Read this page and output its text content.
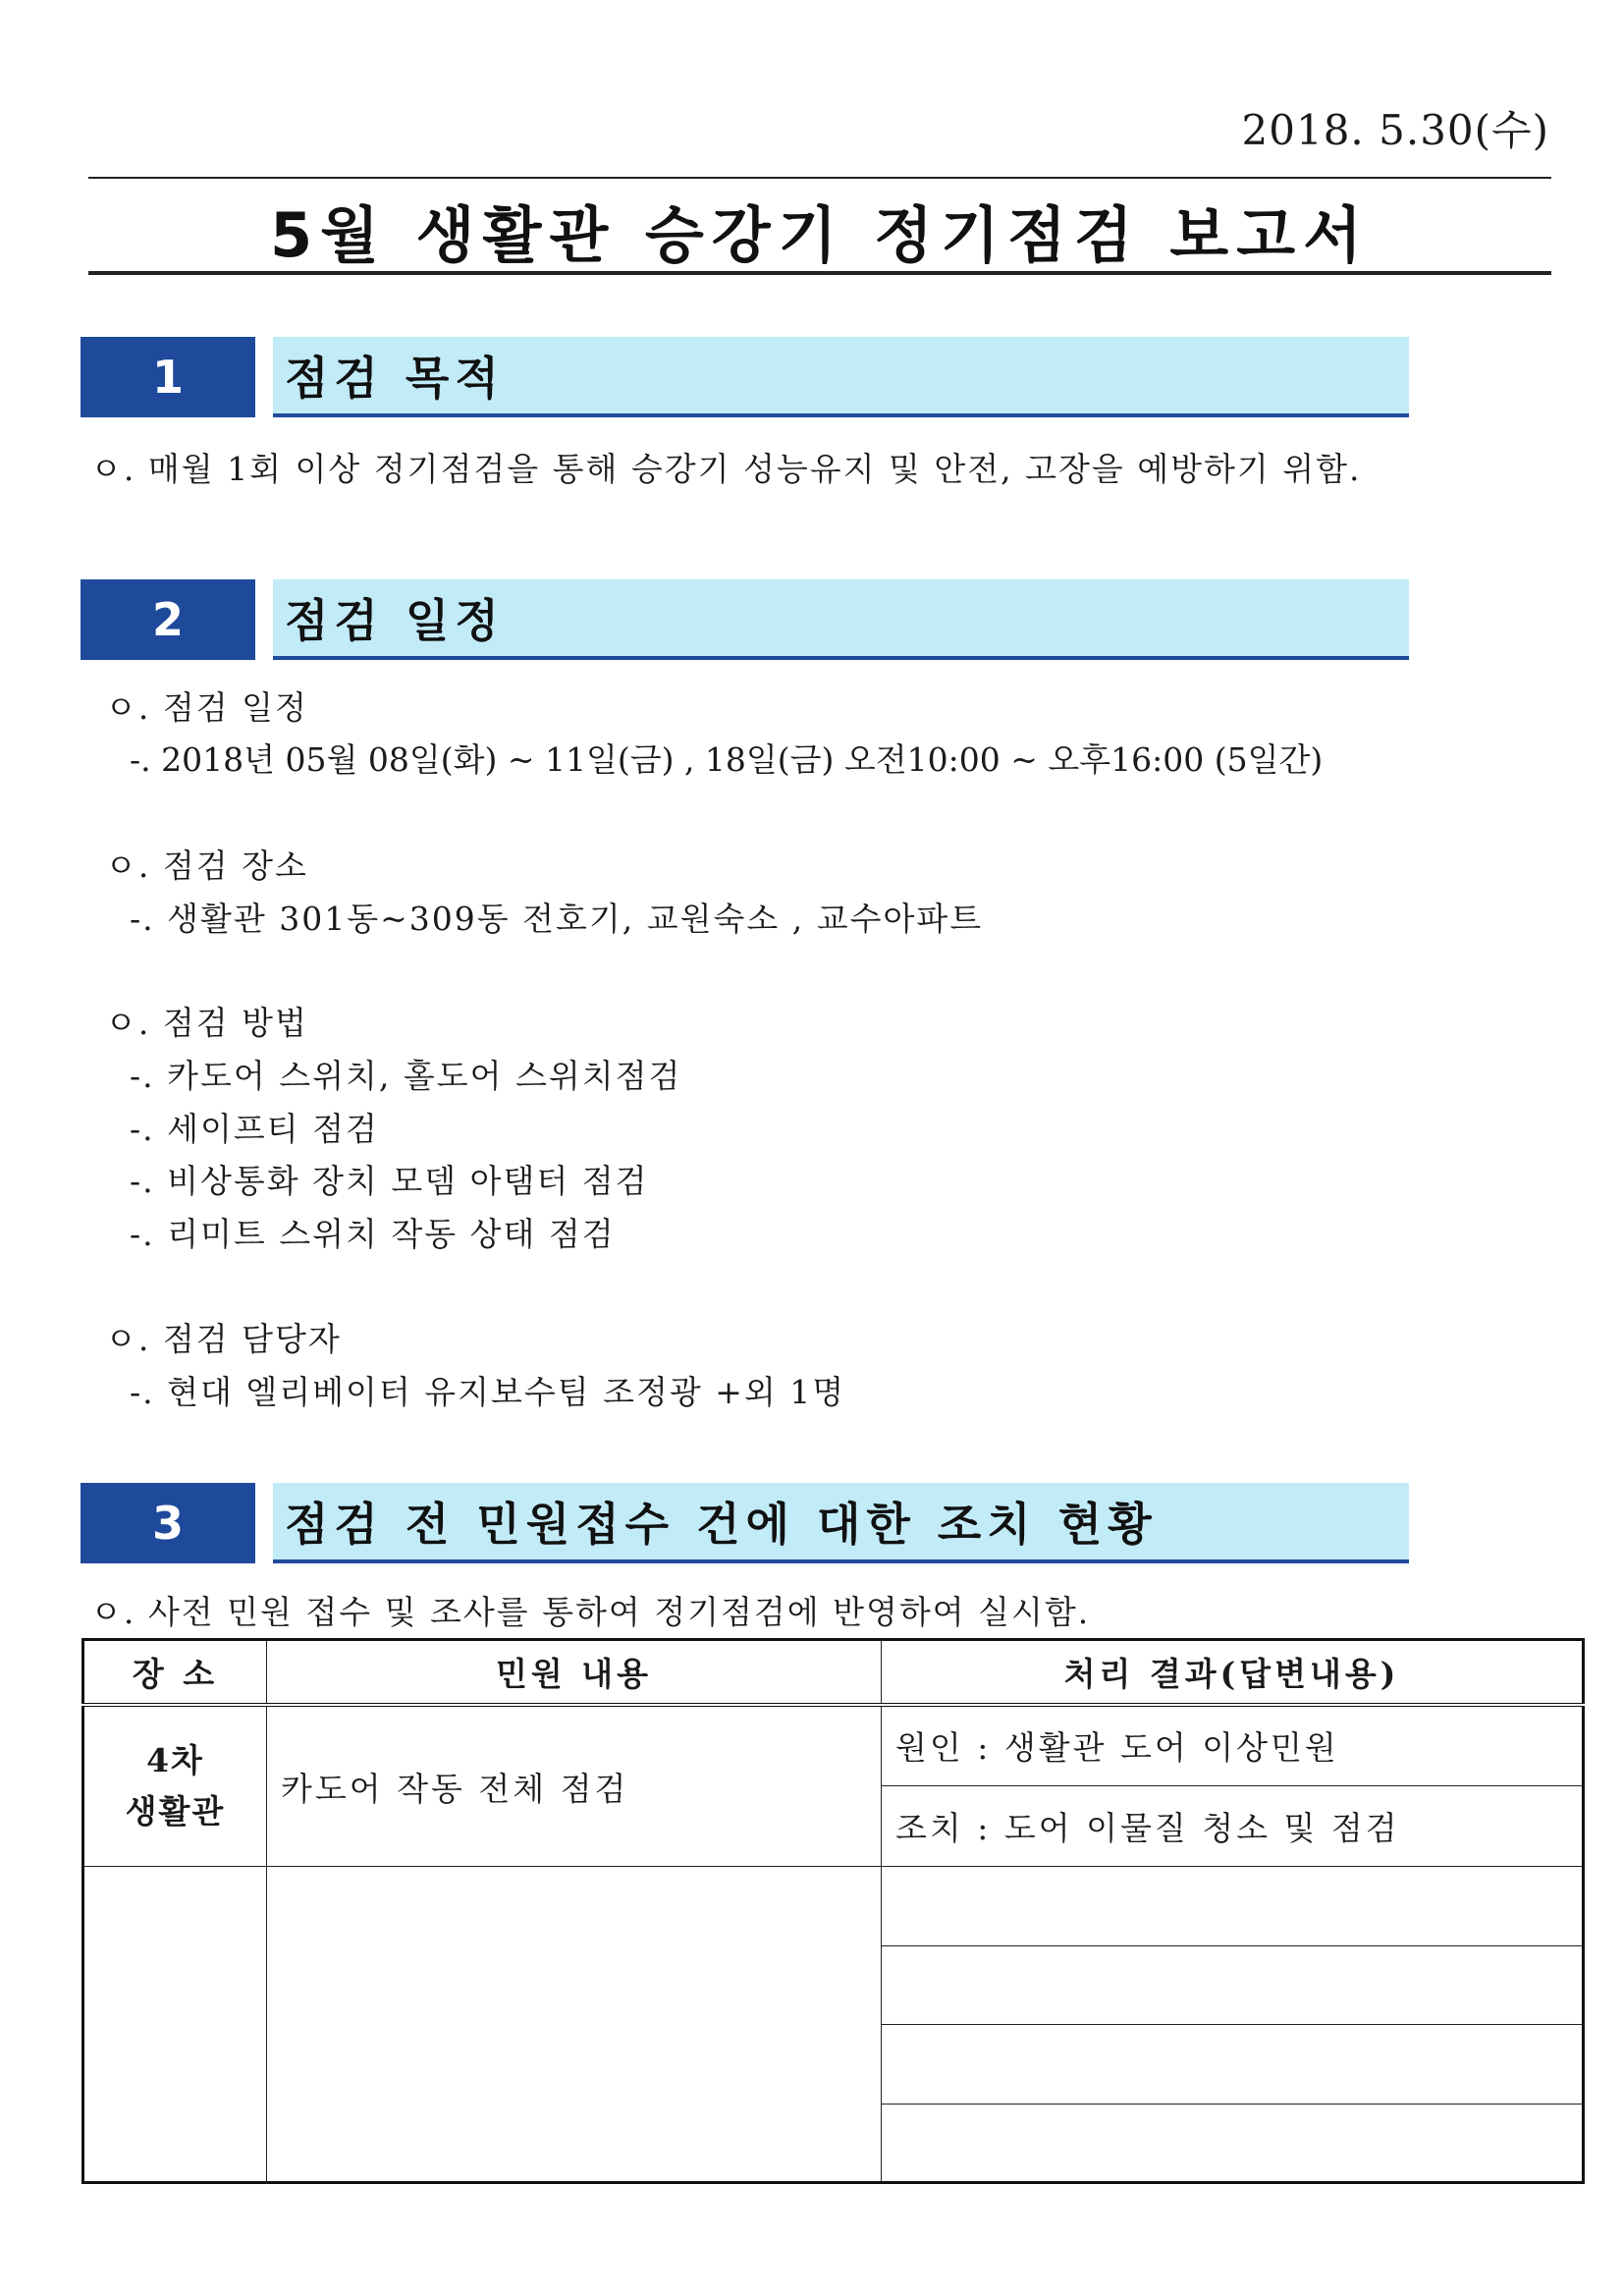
2018. 5.30(수)
5월 생활관 승강기 정기점검 보고서
1	점검 목적
ㅇ. 매월 1회 이상 정기점검을 통해 승강기 성능유지 및 안전, 고장을 예방하기 위함.
2	점검 일정
ㅇ. 점검 일정
-. 2018년 05월 08일(화) ~ 11일(금) , 18일(금) 오전10:00 ~ 오후16:00 (5일간)
ㅇ. 점검 장소
-. 생활관 301동~309동 전호기, 교원숙소 , 교수아파트
ㅇ. 점검 방법
-. 카도어 스위치, 홀도어 스위치점검
-. 세이프티 점검
-. 비상통화 장치 모뎀 아탬터 점검
-. 리미트 스위치 작동 상태 점검
ㅇ. 점검 담당자
-. 현대 엘리베이터 유지보수팀 조정광 +외 1명
3	점검 전 민원접수 건에 대한 조치 현황
ㅇ. 사전 민원 접수 및 조사를 통하여 정기점검에 반영하여 실시함.
장 소	민원 내용	처리 결과(답변내용)

4차
생활관	카도어 작동 전체 점검	원인 : 생활관 도어 이상민원
		조치 : 도어 이물질 청소 및 점검
